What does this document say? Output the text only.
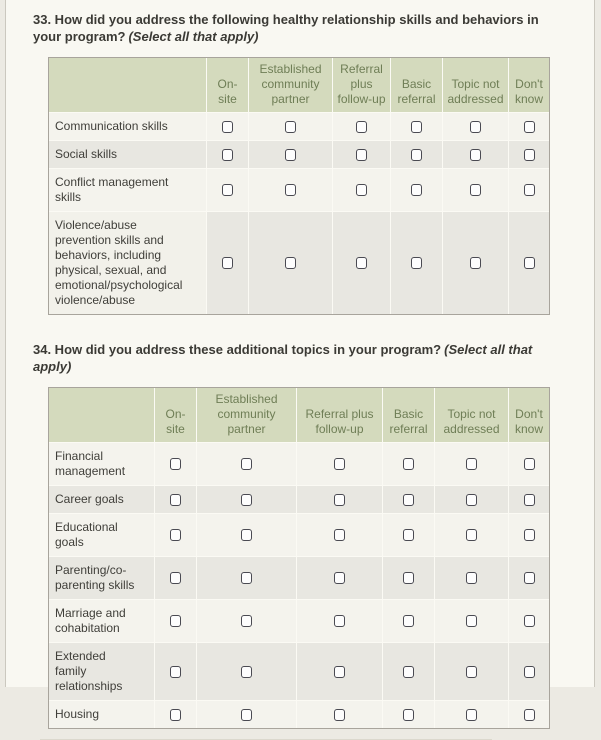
33. How did you address the following healthy relationship skills and behaviors in your program? (Select all that apply)

	On-site	Established community partner	Referral plus follow-up	Basic referral	Topic not addressed	Don't know
Communication skills						
Social skills						
Conflict management skills						
Violence/abuse prevention skills and behaviors, including physical, sexual, and emotional/psychological violence/abuse						

34. How did you address these additional topics in your program? (Select all that apply)

	On-site	Established community partner	Referral plus follow-up	Basic referral	Topic not addressed	Don't know
Financial management						
Career goals						
Educational goals						
Parenting/co-parenting skills						
Marriage and cohabitation						
Extended family relationships						
Housing						
